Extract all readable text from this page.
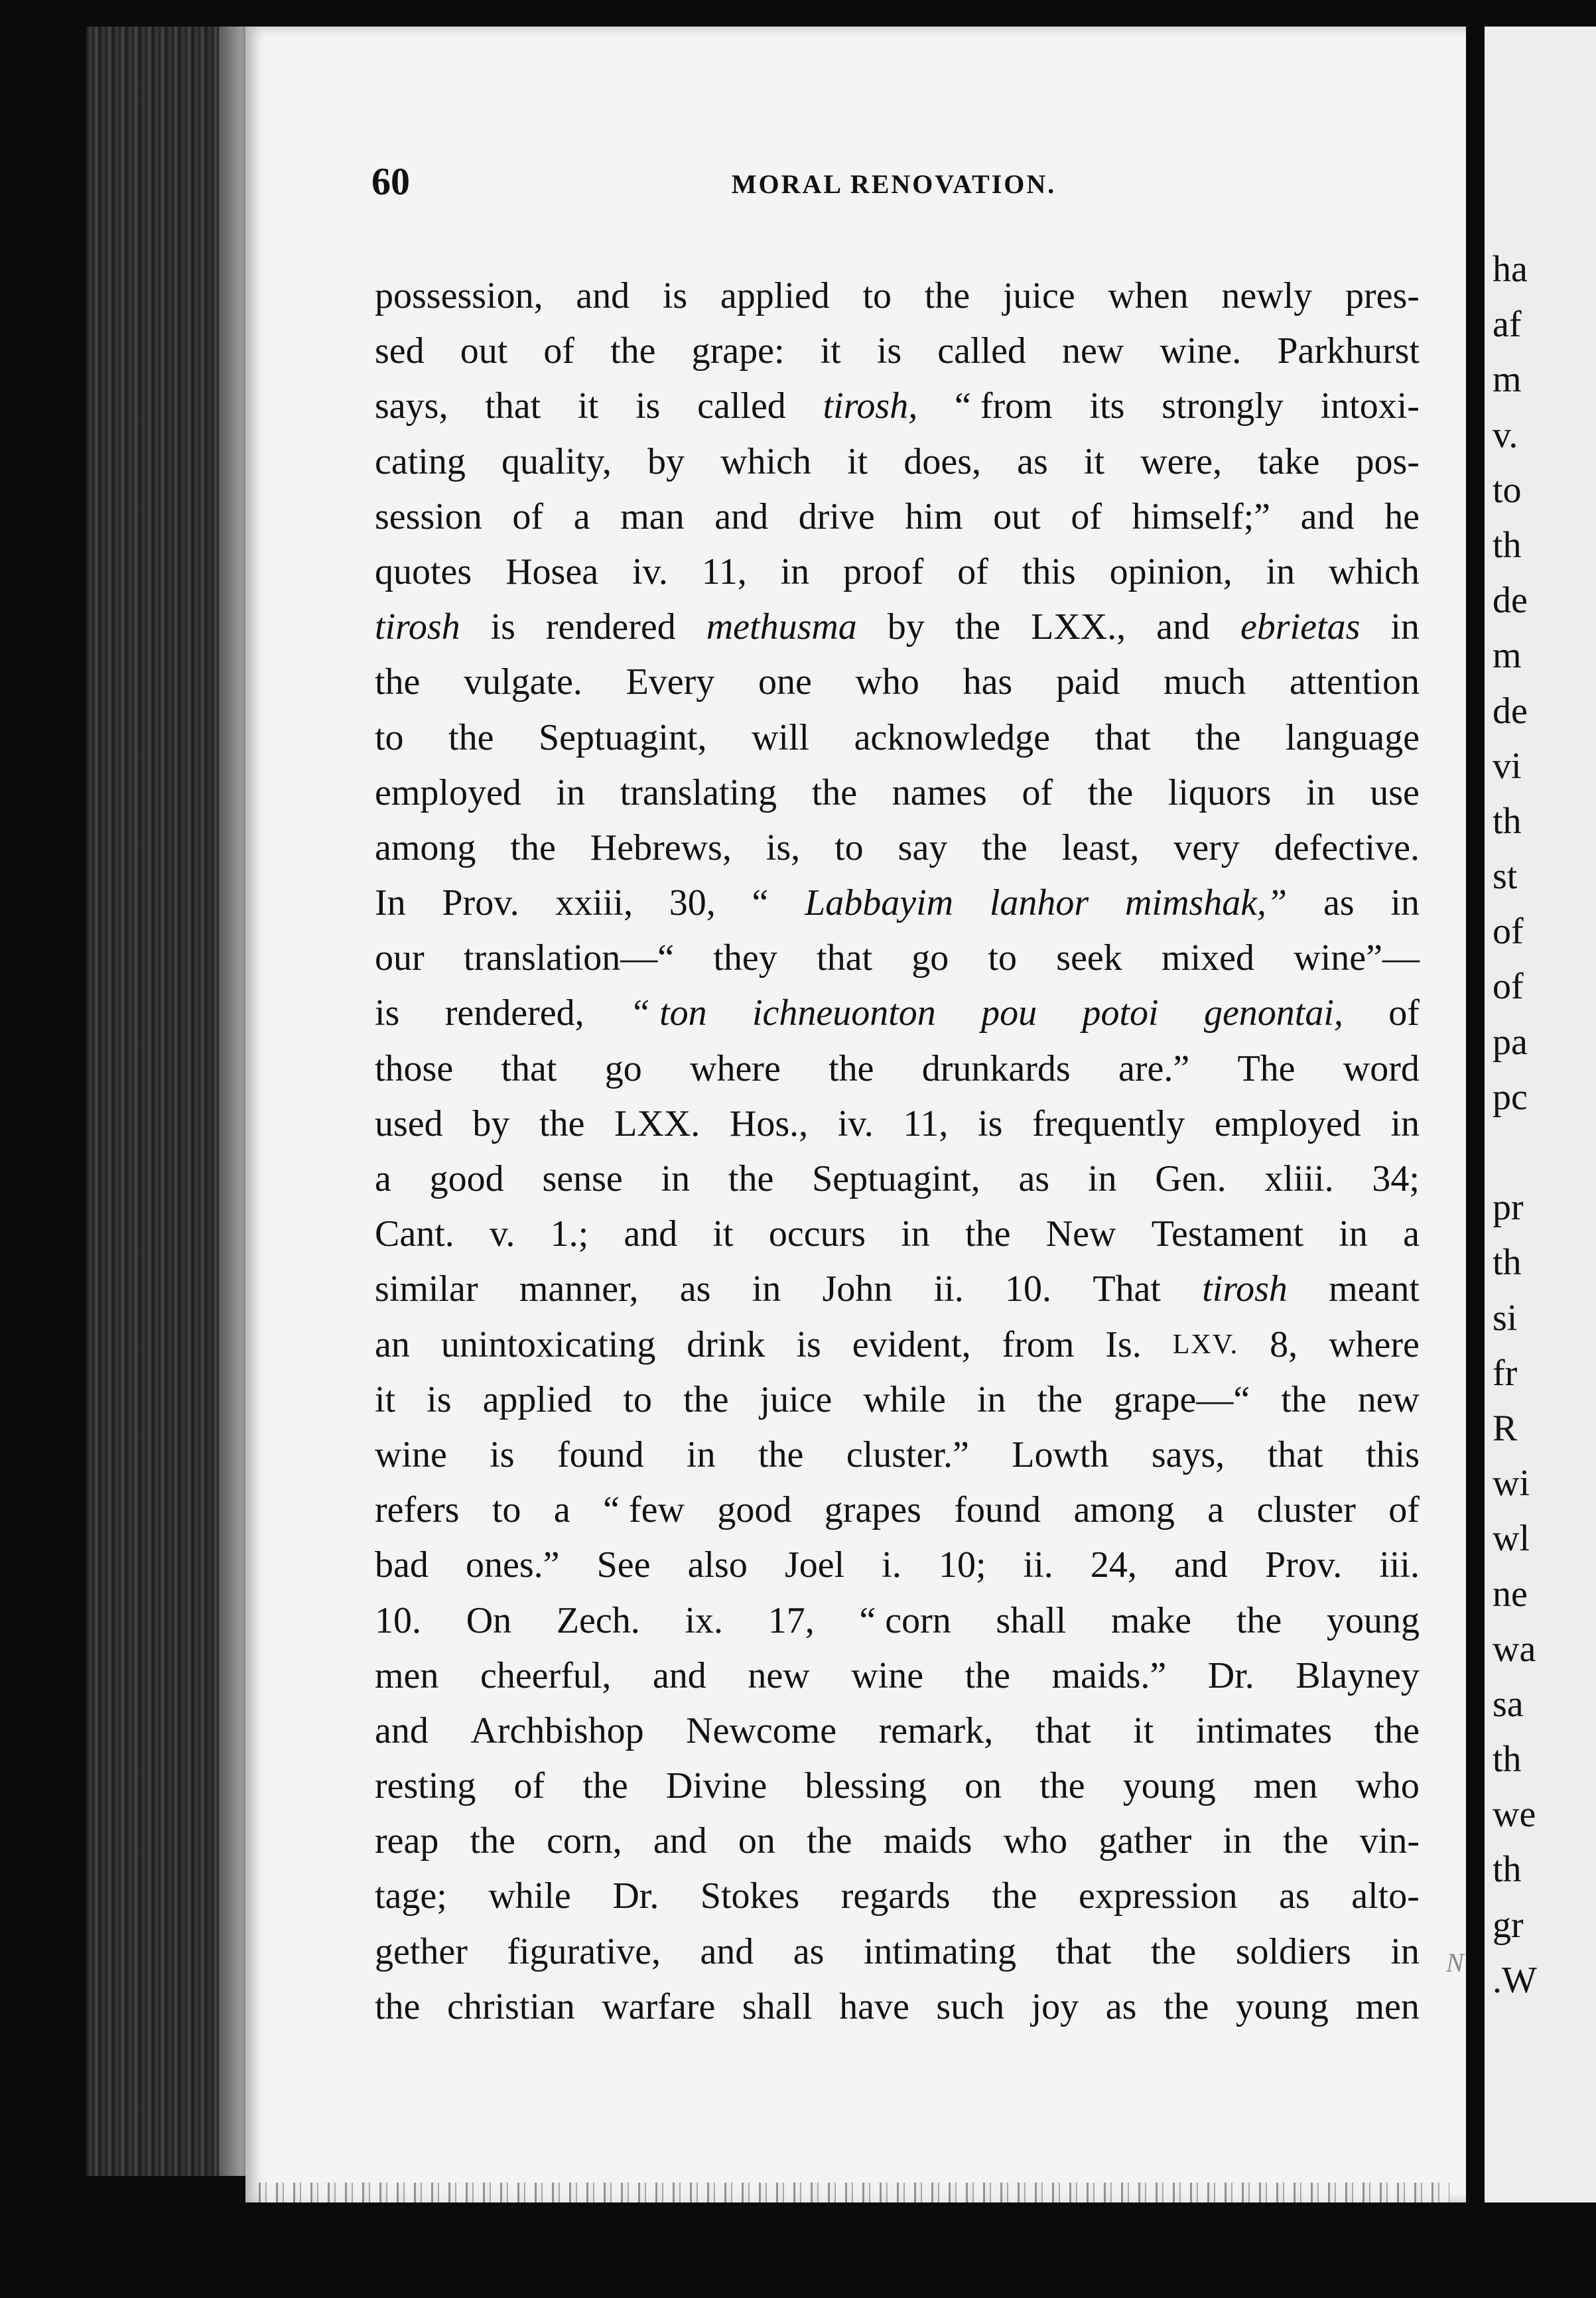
60	MORAL RENOVATION.
possession, and is applied to the juice when newly pres-
sed out of the grape: it is called new wine. Parkhurst
says, that it is called tirosh, “ from its strongly intoxi-
cating quality, by which it does, as it were, take pos-
session of a man and drive him out of himself;” and he
quotes Hosea iv. 11, in proof of this opinion, in which
tirosh is rendered methusma by the LXX., and ebrietas in
the vulgate. Every one who has paid much attention
to the Septuagint, will acknowledge that the language
employed in translating the names of the liquors in use
among the Hebrews, is, to say the least, very defective.
In Prov. xxiii, 30, “ Labbayim lanhor mimshak,” as in
our translation—“ they that go to seek mixed wine”—
is rendered, “ ton ichneuonton pou potoi genontai, of
those that go where the drunkards are.” The word
used by the LXX. Hos., iv. 11, is frequently employed in
a good sense in the Septuagint, as in Gen. xliii. 34;
Cant. v. 1.; and it occurs in the New Testament in a
similar manner, as in John ii. 10. That tirosh meant
an unintoxicating drink is evident, from Is. LXV. 8, where
it is applied to the juice while in the grape—“ the new
wine is found in the cluster.” Lowth says, that this
refers to a “ few good grapes found among a cluster of
bad ones.” See also Joel i. 10; ii. 24, and Prov. iii.
10. On Zech. ix. 17, “ corn shall make the young
men cheerful, and new wine the maids.” Dr. Blayney
and Archbishop Newcome remark, that it intimates the
resting of the Divine blessing on the young men who
reap the corn, and on the maids who gather in the vin-
tage; while Dr. Stokes regards the expression as alto-
gether figurative, and as intimating that the soldiers in
the christian warfare shall have such joy as the young men
ha
af
m
v.
to
th
de
m
de
vi
th
st
of
of
pa
pc
pr
th
si
fr
R
wi
wl
ne
wa
sa
th
we
th
gr
.W
N
